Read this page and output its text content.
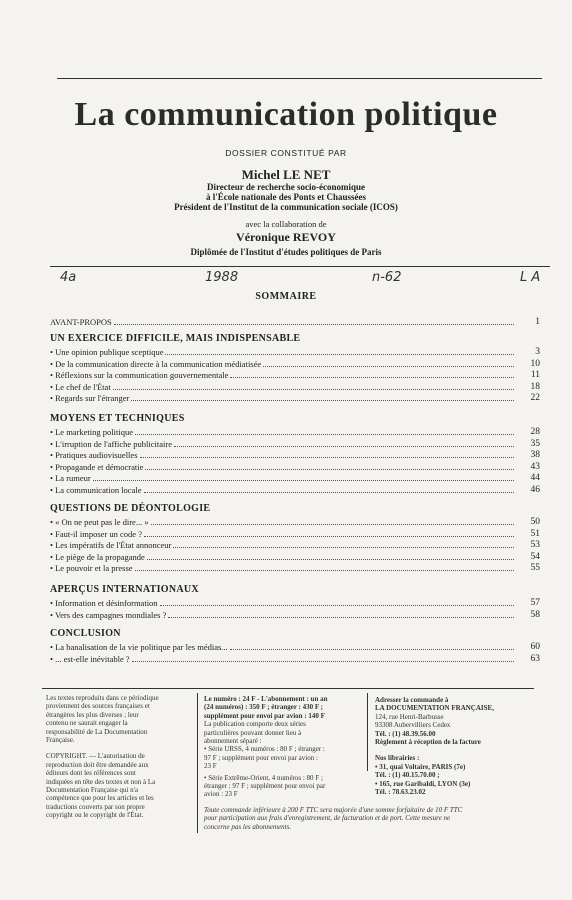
La communication politique
DOSSIER CONSTITUÉ PAR
Michel LE NET
Directeur de recherche socio-économique
à l'École nationale des Ponts et Chaussées
Président de l'Institut de la communication sociale (ICOS)
avec la collaboration de
Véronique REVOY
Diplômée de l'Institut d'études politiques de Paris
4a	1988	n-62	L A
SOMMAIRE
AVANT-PROPOS	1
UN EXERCICE DIFFICILE, MAIS INDISPENSABLE
• Une opinion publique sceptique	3
• De la communication directe à la communication médiatisée	10
• Réflexions sur la communication gouvernementale	11
• Le chef de l'État	18
• Regards sur l'étranger	22
MOYENS ET TECHNIQUES
• Le marketing politique	28
• L'irruption de l'affiche publicitaire	35
• Pratiques audiovisuelles	38
• Propagande et démocratie	43
• La rumeur	44
• La communication locale	46
QUESTIONS DE DÉONTOLOGIE
• « On ne peut pas le dire... »	50
• Faut-il imposer un code ?	51
• Les impératifs de l'État annonceur	53
• Le piège de la propagande	54
• Le pouvoir et la presse	55
APERÇUS INTERNATIONAUX
• Information et désinformation	57
• Vers des campagnes mondiales ?	58
CONCLUSION
• La banalisation de la vie politique par les médias...	60
• ... est-elle inévitable ?	63
Les textes reproduits dans ce périodique
proviennent des sources françaises et
étrangères les plus diverses ; leur
contenu ne saurait engager la
responsabilité de La Documentation
Française.
COPYRIGHT. — L'autorisation de
reproduction doit être demandée aux
éditeurs dont les références sont
indiquées en tête des textes et non à La
Documentation Française qui n'a
compétence que pour les articles et les
traductions couverts par son propre
copyright ou le copyright de l'État.
Le numéro : 24 F - L'abonnement : un an
(24 numéros) : 350 F ; étranger : 430 F ;
supplément pour envoi par avion : 140 F
La publication comporte deux séries
particulières pouvant donner lieu à
abonnement séparé :
• Série URSS, 4 numéros : 80 F ; étranger :
97 F ; supplément pour envoi par avion :
23 F
• Série Extrême-Orient, 4 numéros : 80 F ;
étranger : 97 F ; supplément pour envoi par
avion : 23 F
Adresser la commande à
LA DOCUMENTATION FRANÇAISE,
124, rue Henri-Barbusse
93308 Aubervilliers Cedex
Tél. : (1) 48.39.56.00
Règlement à réception de la facture
Nos librairies :
• 31, quai Voltaire, PARIS (7e)
Tél. : (1) 40.15.70.00 ;
• 165, rue Garibaldi, LYON (3e)
Tél. : 78.63.23.02
Toute commande inférieure à 200 F TTC sera majorée d'une somme forfaitaire de 10 F TTC
pour participation aux frais d'enregistrement, de facturation et de port. Cette mesure ne
concerne pas les abonnements.
